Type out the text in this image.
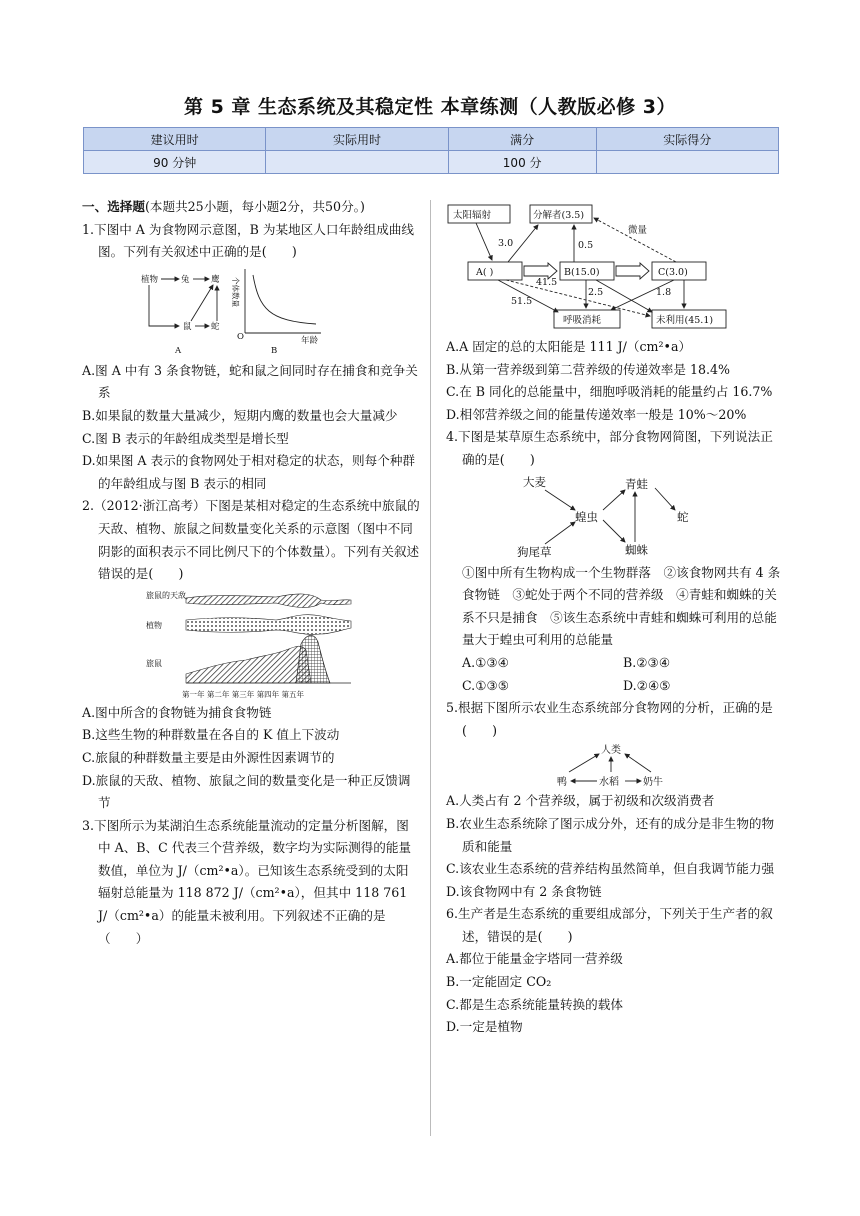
第 5 章 生态系统及其稳定性 本章练测（人教版必修 3）
建议用时	实际用时	满分	实际得分
90 分钟		100 分	

一、选择题(本题共25小题，每小题2分，共50分。)

1.下图中 A 为食物网示意图，B 为某地区人口年龄组成曲线图。下列有关叙述中正确的是(　　)

植物	兔	鹰
鼠 蛇
A	B
O	年龄
个体数量

A.图 A 中有 3 条食物链，蛇和鼠之间同时存在捕食和竞争关系

B.如果鼠的数量大量减少，短期内鹰的数量也会大量减少

C.图 B 表示的年龄组成类型是增长型

D.如果图 A 表示的食物网处于相对稳定的状态，则每个种群的年龄组成与图 B 表示的相同

2.（2012·浙江高考）下图是某相对稳定的生态系统中旅鼠的天敌、植物、旅鼠之间数量变化关系的示意图（图中不同阴影的面积表示不同比例尺下的个体数量）。下列有关叙述错误的是(　　)

旅鼠的天敌
植物
旅鼠
第一年 第二年 第三年 第四年 第五年

A.图中所含的食物链为捕食食物链

B.这些生物的种群数量在各自的 K 值上下波动

C.旅鼠的种群数量主要是由外源性因素调节的

D.旅鼠的天敌、植物、旅鼠之间的数量变化是一种正反馈调节

3.下图所示为某湖泊生态系统能量流动的定量分析图解，图中 A、B、C 代表三个营养级，数字均为实际测得的能量数值，单位为 J/（cm²•a）。已知该生态系统受到的太阳辐射总能量为 118 872 J/（cm²•a），但其中 118 761 J/（cm²•a）的能量未被利用。下列叙述不正确的是（　　）

太阳辐射	分解者(3.5)
A( )	B(15.0)	C(3.0)
呼吸消耗	未利用(45.1)
微量
3.0	0.5
41.5
2.5	1.8
51.5

A.A 固定的总的太阳能是 111 J/（cm²•a）

B.从第一营养级到第二营养级的传递效率是 18.4%

C.在 B 同化的总能量中，细胞呼吸消耗的能量约占 16.7%

D.相邻营养级之间的能量传递效率一般是 10%～20%

4.下图是某草原生态系统中，部分食物网简图，下列说法正确的是(　　)

大麦
狗尾草
蝗虫
青蛙
蛇
蜘蛛

①图中所有生物构成一个生物群落　②该食物网共有 4 条食物链　③蛇处于两个不同的营养级　④青蛙和蜘蛛的关系不只是捕食　⑤该生态系统中青蛙和蜘蛛可利用的总能量大于蝗虫可利用的总能量

A.①③④	B.②③④
C.①③⑤	D.②④⑤

5.根据下图所示农业生态系统部分食物网的分析，正确的是(　　)

人类
鸭	水稻 奶牛

A.人类占有 2 个营养级，属于初级和次级消费者

B.农业生态系统除了图示成分外，还有的成分是非生物的物质和能量

C.该农业生态系统的营养结构虽然简单，但自我调节能力强

D.该食物网中有 2 条食物链

6.生产者是生态系统的重要组成部分，下列关于生产者的叙述，错误的是(　　)

A.都位于能量金字塔同一营养级

B.一定能固定 CO₂

C.都是生态系统能量转换的载体

D.一定是植物
